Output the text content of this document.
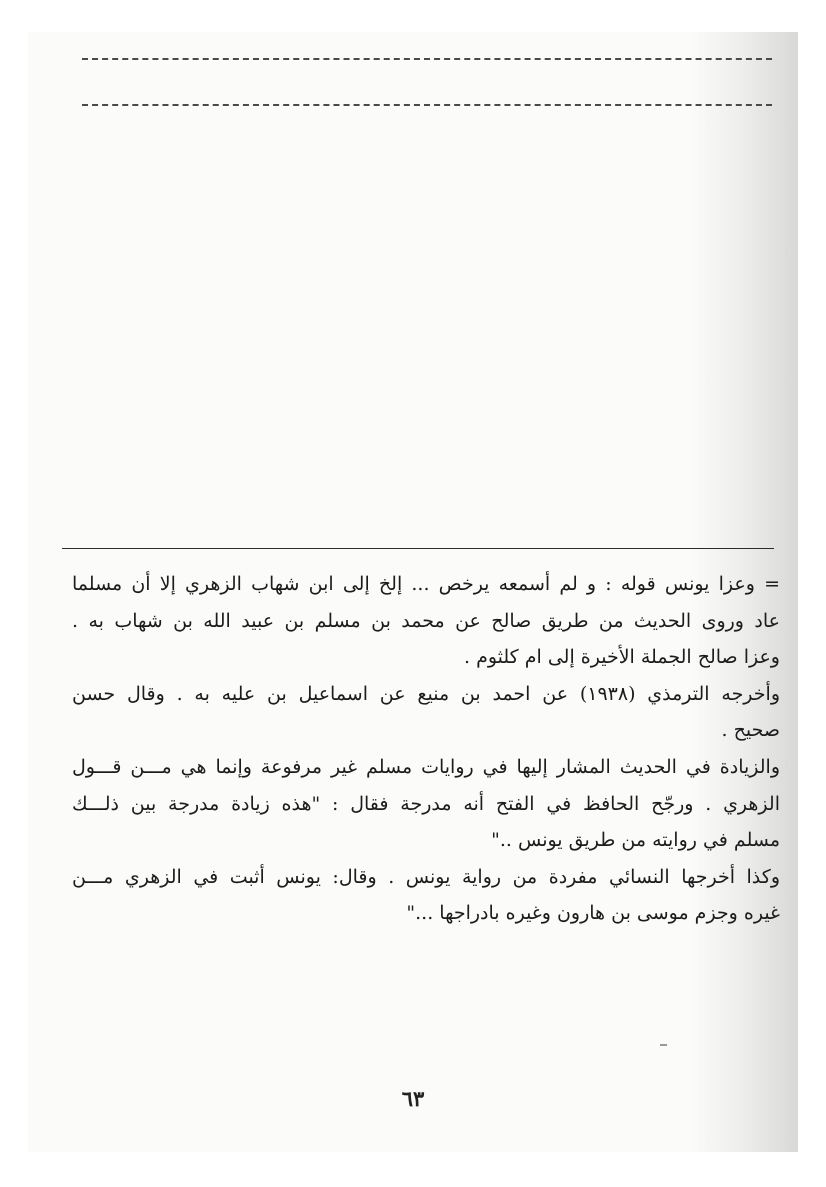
= وعزا يونس قوله : و لم أسمعه يرخص ... إلخ إلى ابن شهاب الزهري إلا أن مسلما
عاد وروى الحديث من طريق صالح عن محمد بن مسلم بن عبيد الله بن شهاب به .
وعزا صالح الجملة الأخيرة إلى ام كلثوم .
وأخرجه الترمذي (١٩٣٨) عن احمد بن منيع عن اسماعيل بن عليه به . وقال حسن
صحيح .
والزيادة في الحديث المشار إليها في روايات مسلم غير مرفوعة وإنما هي مـــن قـــول
الزهري . ورجّح الحافظ في الفتح أنه مدرجة فقال : "هذه زيادة مدرجة بين ذلـــك
مسلم في روايته من طريق يونس .."
وكذا أخرجها النسائي مفردة من رواية يونس . وقال: يونس أثبت في الزهري مـــن
غيره وجزم موسى بن هارون وغيره بادراجها ..."
٦٣
